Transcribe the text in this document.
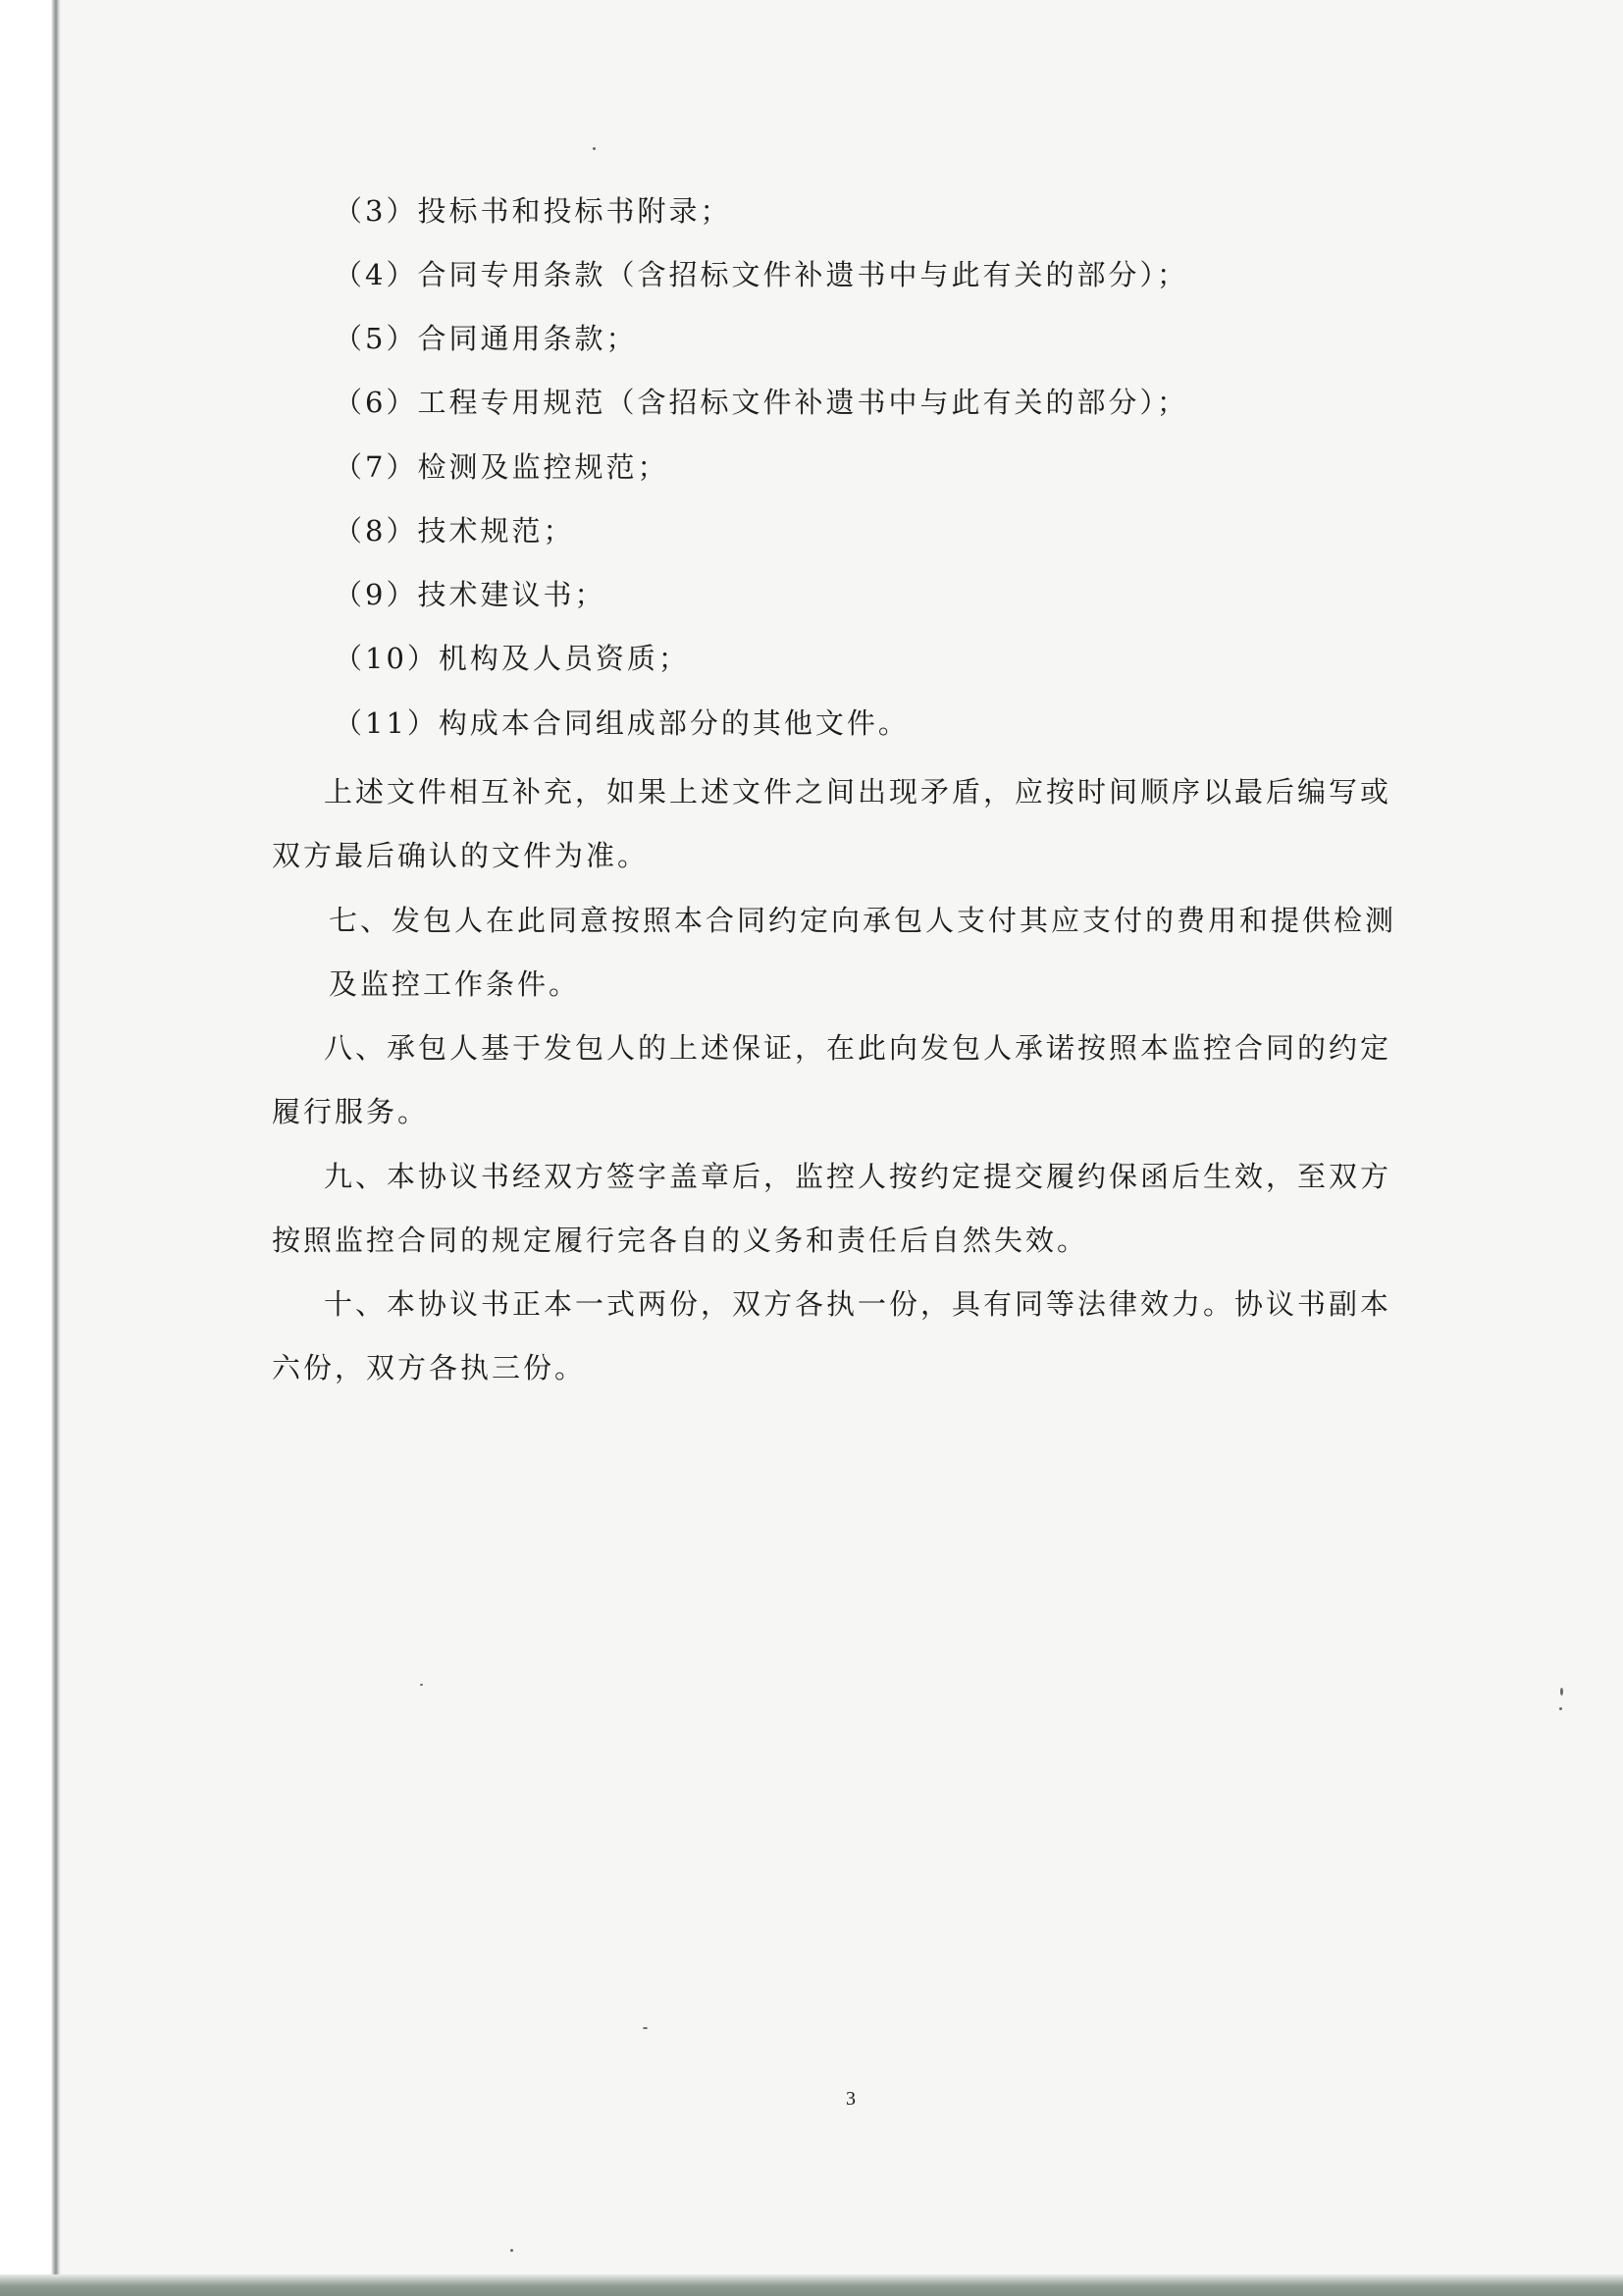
（3）投标书和投标书附录；
（4）合同专用条款（含招标文件补遗书中与此有关的部分）；
（5）合同通用条款；
（6）工程专用规范（含招标文件补遗书中与此有关的部分）；
（7）检测及监控规范；
（8）技术规范；
（9）技术建议书；
（10）机构及人员资质；
（11）构成本合同组成部分的其他文件。
上述文件相互补充，如果上述文件之间出现矛盾，应按时间顺序以最后编写或
双方最后确认的文件为准。
七、发包人在此同意按照本合同约定向承包人支付其应支付的费用和提供检测
及监控工作条件。
八、承包人基于发包人的上述保证，在此向发包人承诺按照本监控合同的约定
履行服务。
九、本协议书经双方签字盖章后，监控人按约定提交履约保函后生效，至双方
按照监控合同的规定履行完各自的义务和责任后自然失效。
十、本协议书正本一式两份，双方各执一份，具有同等法律效力。协议书副本
六份，双方各执三份。
3
